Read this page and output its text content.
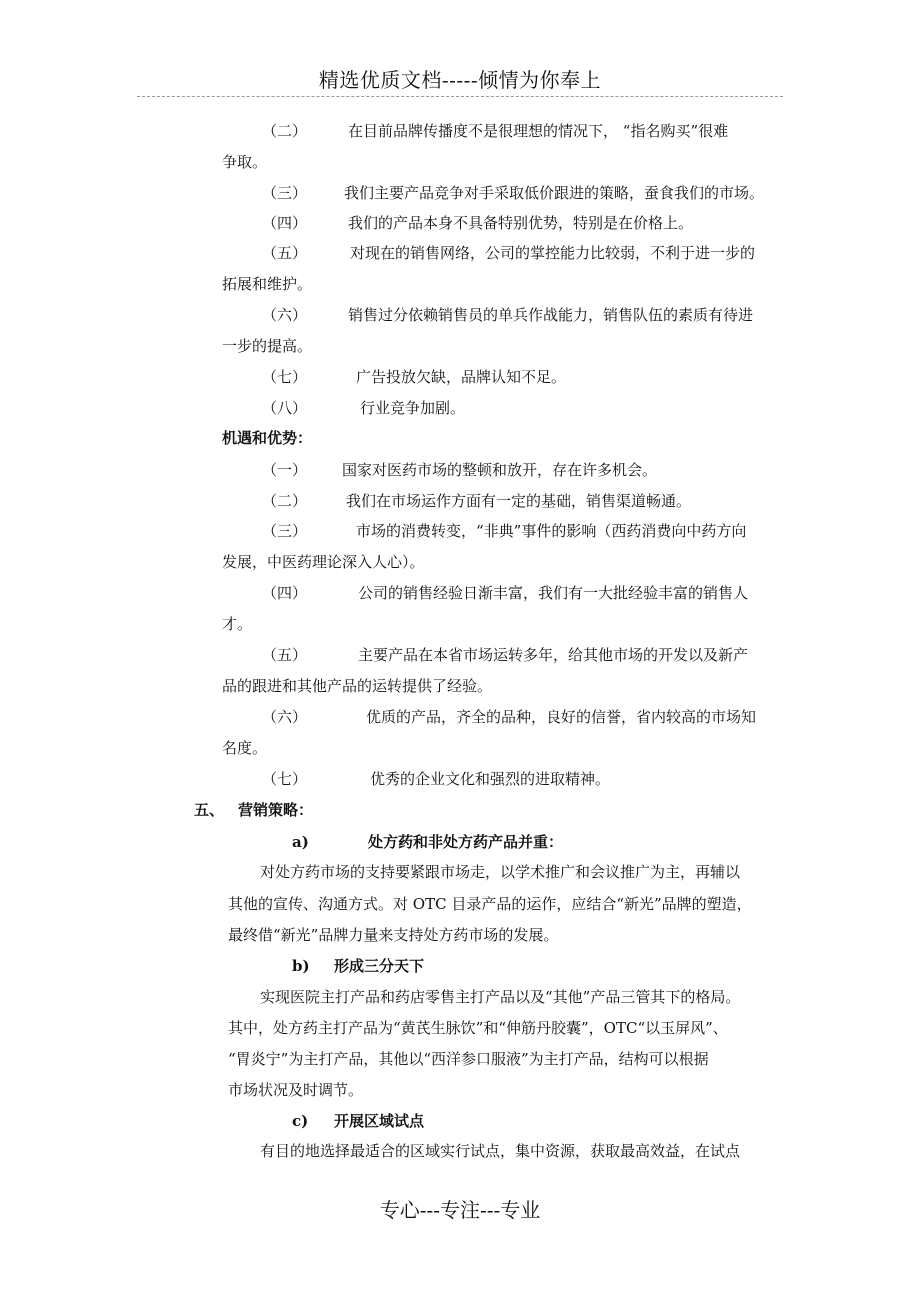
精选优质文档-----倾情为你奉上
（二）	在目前品牌传播度不是很理想的情况下， “指名购买”很难
争取。
（三） 我们主要产品竞争对手采取低价跟进的策略，蚕食我们的市场。
（四）	我们的产品本身不具备特别优势，特别是在价格上。
（五）	对现在的销售网络，公司的掌控能力比较弱，不利于进一步的
拓展和维护。
（六）	销售过分依赖销售员的单兵作战能力，销售队伍的素质有待进
一步的提高。
（七）	广告投放欠缺，品牌认知不足。
（八）	行业竞争加剧。
机遇和优势：
（一） 国家对医药市场的整顿和放开，存在许多机会。
（二）	我们在市场运作方面有一定的基础，销售渠道畅通。
（三）	市场的消费转变，“非典”事件的影响（西药消费向中药方向
发展，中医药理论深入人心）。
（四）	公司的销售经验日渐丰富，我们有一大批经验丰富的销售人
才。
（五）	主要产品在本省市场运转多年，给其他市场的开发以及新产
品的跟进和其他产品的运转提供了经验。
（六）	优质的产品，齐全的品种，良好的信誉，省内较高的市场知
名度。
（七）	优秀的企业文化和强烈的进取精神。
五、 营销策略：
a)	处方药和非处方药产品并重：
对处方药市场的支持要紧跟市场走，以学术推广和会议推广为主，再辅以
其他的宣传、沟通方式。对 OTC 目录产品的运作，应结合“新光”品牌的塑造，
最终借“新光”品牌力量来支持处方药市场的发展。
b) 形成三分天下
实现医院主打产品和药店零售主打产品以及“其他”产品三管其下的格局。
其中，处方药主打产品为“黄芪生脉饮”和“伸筋丹胶囊”，OTC“以玉屏风”、
“胃炎宁”为主打产品，其他以“西洋参口服液”为主打产品，结构可以根据
市场状况及时调节。
c) 开展区域试点
有目的地选择最适合的区域实行试点，集中资源，获取最高效益，在试点
专心---专注---专业
